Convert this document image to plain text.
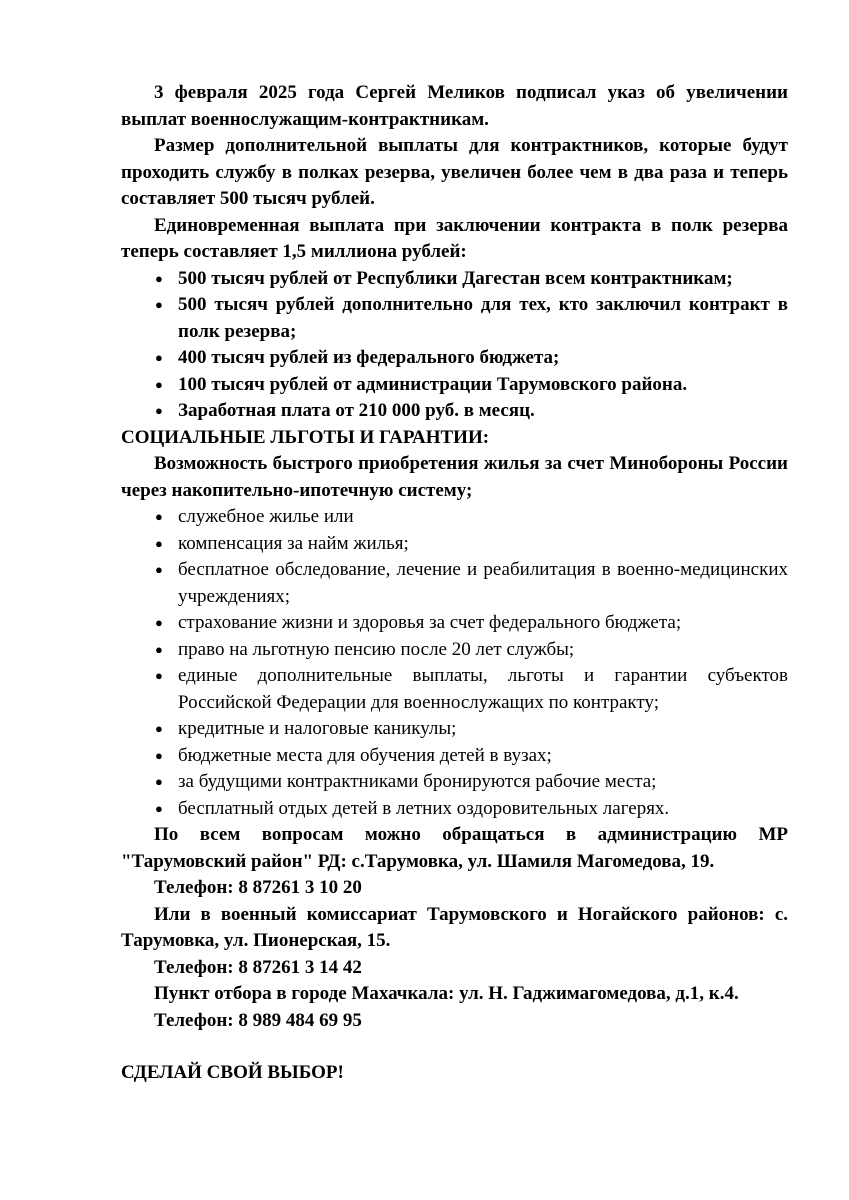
3 февраля 2025 года Сергей Меликов подписал указ об увеличении выплат военнослужащим-контрактникам.

Размер дополнительной выплаты для контрактников, которые будут проходить службу в полках резерва, увеличен более чем в два раза и теперь составляет 500 тысяч рублей.

Единовременная выплата при заключении контракта в полк резерва теперь составляет 1,5 миллиона рублей:

● 500 тысяч рублей от Республики Дагестан всем контрактникам;
● 500 тысяч рублей дополнительно для тех, кто заключил контракт в полк резерва;
● 400 тысяч рублей из федерального бюджета;
● 100 тысяч рублей от администрации Тарумовского района.
● Заработная плата от 210 000 руб. в месяц.

СОЦИАЛЬНЫЕ ЛЬГОТЫ И ГАРАНТИИ:

Возможность быстрого приобретения жилья за счет Минобороны России через накопительно-ипотечную систему;

● служебное жилье или
● компенсация за найм жилья;
● бесплатное обследование, лечение и реабилитация в военно-медицинских учреждениях;
● страхование жизни и здоровья за счет федерального бюджета;
● право на льготную пенсию после 20 лет службы;
● единые дополнительные выплаты, льготы и гарантии субъектов Российской Федерации для военнослужащих по контракту;
● кредитные и налоговые каникулы;
● бюджетные места для обучения детей в вузах;
● за будущими контрактниками бронируются рабочие места;
● бесплатный отдых детей в летних оздоровительных лагерях.

По всем вопросам можно обращаться в администрацию МР "Тарумовский район" РД: с.Тарумовка, ул. Шамиля Магомедова, 19.

Телефон: 8 87261 3 10 20

Или в военный комиссариат Тарумовского и Ногайского районов: с. Тарумовка, ул. Пионерская, 15.

Телефон: 8 87261 3 14 42

Пункт отбора в городе Махачкала: ул. Н. Гаджимагомедова, д.1, к.4.

Телефон: 8 989 484 69 95

СДЕЛАЙ СВОЙ ВЫБОР!
